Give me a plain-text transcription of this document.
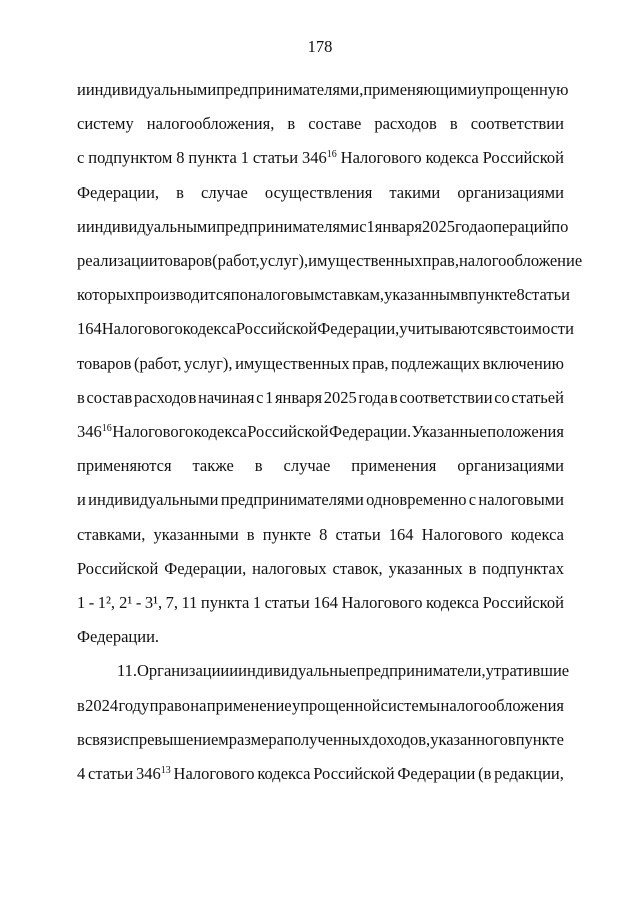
178
и индивидуальными предпринимателями, применяющими упрощенную
систему налогообложения, в составе расходов в соответствии
с подпунктом 8 пункта 1 статьи $346^{16}$ Налогового кодекса Российской
Федерации, в случае осуществления такими организациями
и индивидуальными предпринимателями с 1 января 2025 года операций по
реализации товаров (работ, услуг), имущественных прав, налогообложение
которых производится по налоговым ставкам, указанным в пункте 8 статьи
164 Налогового кодекса Российской Федерации, учитываются в стоимости
товаров (работ, услуг), имущественных прав, подлежащих включению
в состав расходов начиная с 1 января 2025 года в соответствии со статьей
$346^{16}$ Налогового кодекса Российской Федерации. Указанные положения
применяются также в случае применения организациями
и индивидуальными предпринимателями одновременно с налоговыми
ставками, указанными в пункте 8 статьи 164 Налогового кодекса
Российской Федерации, налоговых ставок, указанных в подпунктах
1 - 1², 2¹ - 3¹, 7, 11 пункта 1 статьи 164 Налогового кодекса Российской
Федерации.
11. Организации и индивидуальные предприниматели, утратившие
в 2024 году право на применение упрощенной системы налогообложения
в связи с превышением размера полученных доходов, указанного в пункте
4 статьи $346^{13}$ Налогового кодекса Российской Федерации (в редакции,
